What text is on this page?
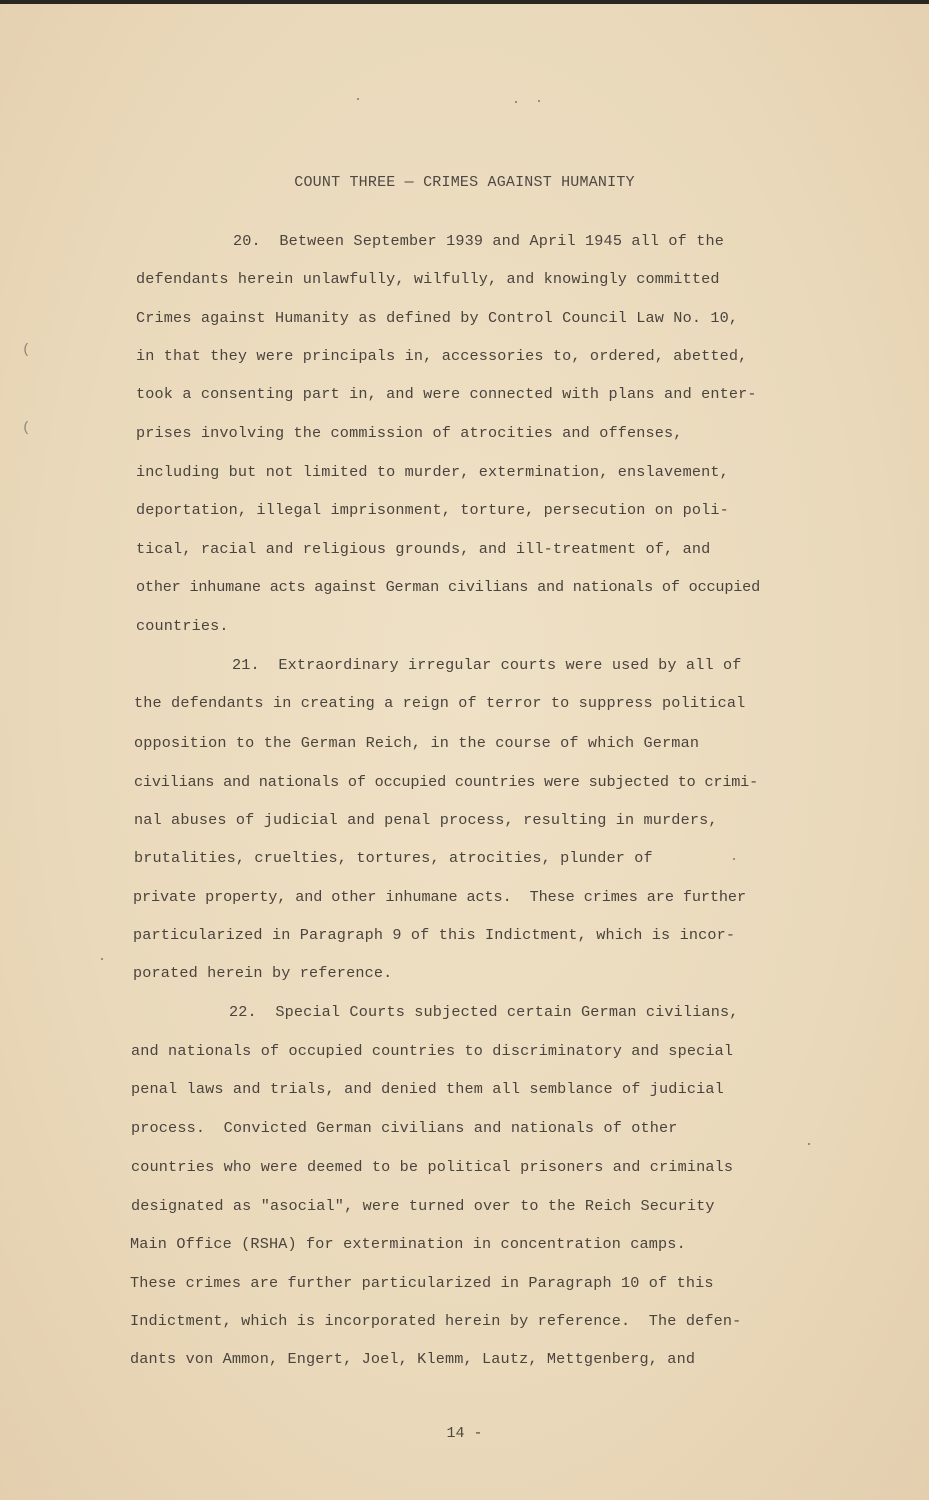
COUNT THREE — CRIMES AGAINST HUMANITY
20.  Between September 1939 and April 1945 all of the
defendants herein unlawfully, wilfully, and knowingly committed
Crimes against Humanity as defined by Control Council Law No. 10,
in that they were principals in, accessories to, ordered, abetted,
took a consenting part in, and were connected with plans and enter-
prises involving the commission of atrocities and offenses,
including but not limited to murder, extermination, enslavement,
deportation, illegal imprisonment, torture, persecution on poli-
tical, racial and religious grounds, and ill-treatment of, and
other inhumane acts against German civilians and nationals of occupied
countries.
21.  Extraordinary irregular courts were used by all of
the defendants in creating a reign of terror to suppress political
opposition to the German Reich, in the course of which German
civilians and nationals of occupied countries were subjected to crimi-
nal abuses of judicial and penal process, resulting in murders,
brutalities, cruelties, tortures, atrocities, plunder of
private property, and other inhumane acts.  These crimes are further
particularized in Paragraph 9 of this Indictment, which is incor-
porated herein by reference.
22.  Special Courts subjected certain German civilians,
and nationals of occupied countries to discriminatory and special
penal laws and trials, and denied them all semblance of judicial
process.  Convicted German civilians and nationals of other
countries who were deemed to be political prisoners and criminals
designated as "asocial", were turned over to the Reich Security
Main Office (RSHA) for extermination in concentration camps.
These crimes are further particularized in Paragraph 10 of this
Indictment, which is incorporated herein by reference.  The defen-
dants von Ammon, Engert, Joel, Klemm, Lautz, Mettgenberg, and
14 -
(
(
